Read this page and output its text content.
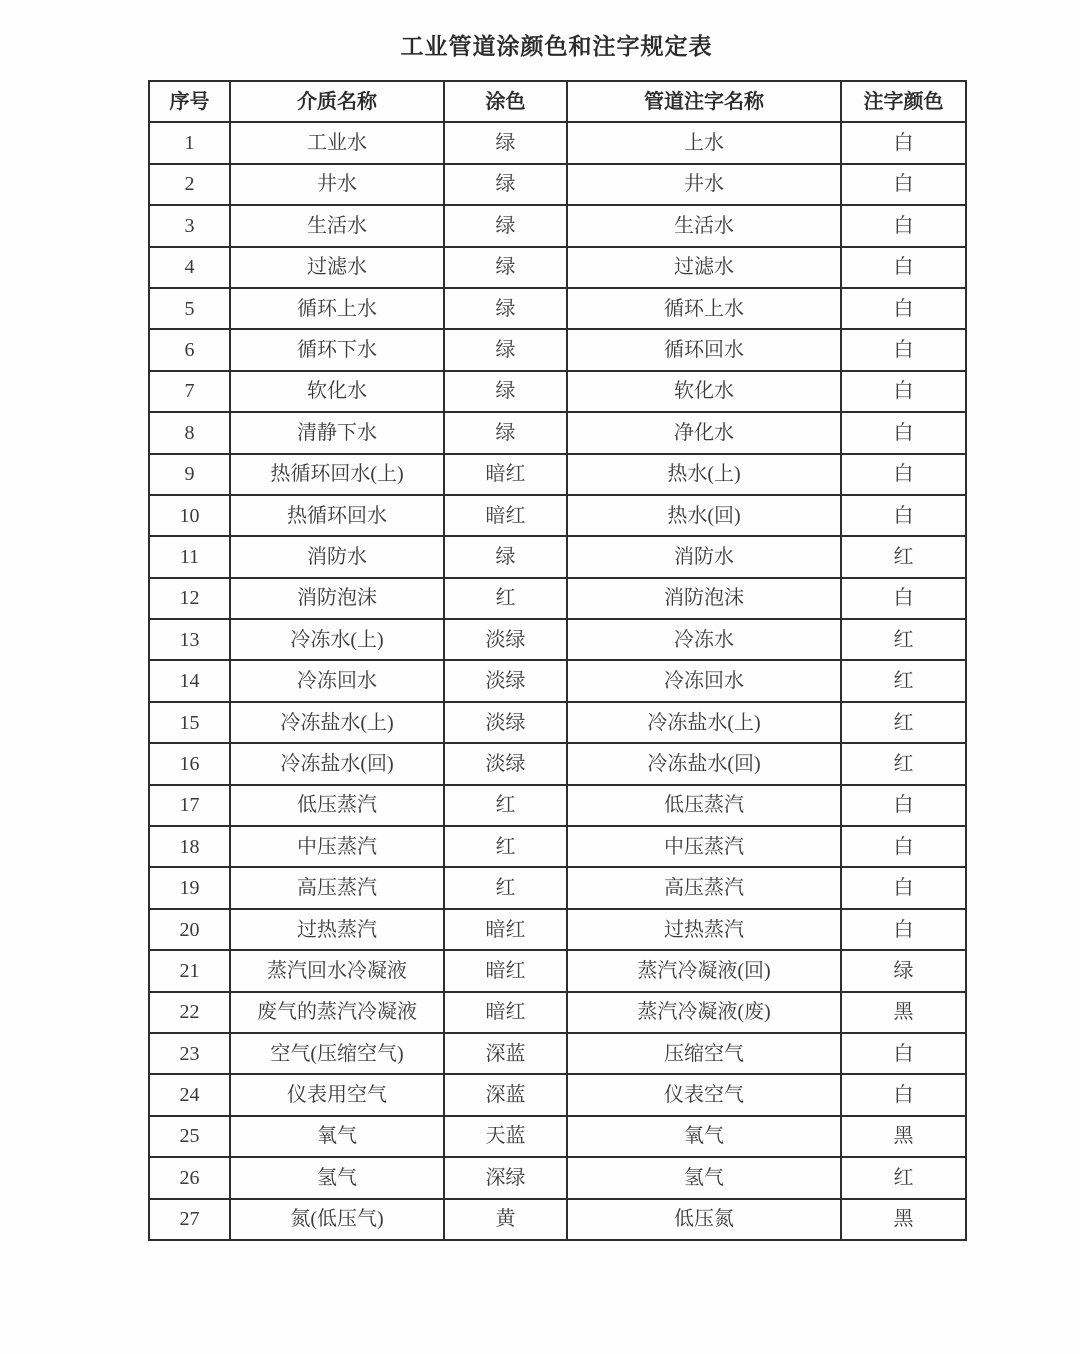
工业管道涂颜色和注字规定表
序号	介质名称	涂色	管道注字名称	注字颜色
1	工业水	绿	上水	白
2	井水	绿	井水	白
3	生活水	绿	生活水	白
4	过滤水	绿	过滤水	白
5	循环上水	绿	循环上水	白
6	循环下水	绿	循环回水	白
7	软化水	绿	软化水	白
8	清静下水	绿	净化水	白
9	热循环回水(上)	暗红	热水(上)	白
10	热循环回水	暗红	热水(回)	白
11	消防水	绿	消防水	红
12	消防泡沫	红	消防泡沫	白
13	冷冻水(上)	淡绿	冷冻水	红
14	冷冻回水	淡绿	冷冻回水	红
15	冷冻盐水(上)	淡绿	冷冻盐水(上)	红
16	冷冻盐水(回)	淡绿	冷冻盐水(回)	红
17	低压蒸汽	红	低压蒸汽	白
18	中压蒸汽	红	中压蒸汽	白
19	高压蒸汽	红	高压蒸汽	白
20	过热蒸汽	暗红	过热蒸汽	白
21	蒸汽回水冷凝液	暗红	蒸汽冷凝液(回)	绿
22	废气的蒸汽冷凝液	暗红	蒸汽冷凝液(废)	黑
23	空气(压缩空气)	深蓝	压缩空气	白
24	仪表用空气	深蓝	仪表空气	白
25	氧气	天蓝	氧气	黑
26	氢气	深绿	氢气	红
27	氮(低压气)	黄	低压氮	黑
